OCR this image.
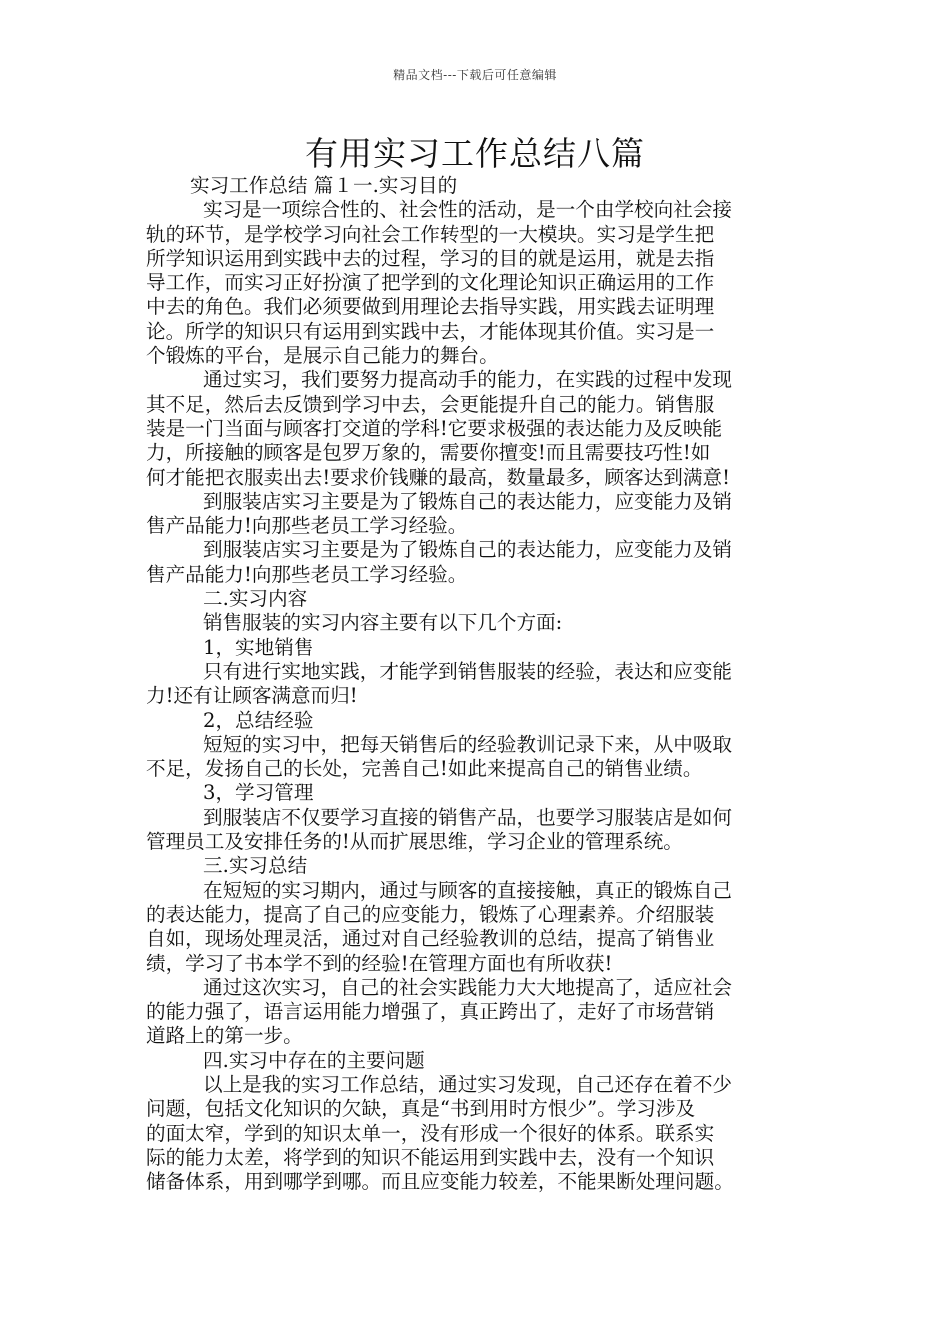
精品文档---下载后可任意编辑
有用实习工作总结八篇
实习工作总结 篇１一.实习目的
实习是一项综合性的、社会性的活动，是一个由学校向社会接
轨的环节，是学校学习向社会工作转型的一大模块。实习是学生把
所学知识运用到实践中去的过程，学习的目的就是运用，就是去指
导工作，而实习正好扮演了把学到的文化理论知识正确运用的工作
中去的角色。我们必须要做到用理论去指导实践，用实践去证明理
论。所学的知识只有运用到实践中去，才能体现其价值。实习是一
个锻炼的平台，是展示自己能力的舞台。
通过实习，我们要努力提高动手的能力，在实践的过程中发现
其不足，然后去反馈到学习中去，会更能提升自己的能力。销售服
装是一门当面与顾客打交道的学科!它要求极强的表达能力及反映能
力，所接触的顾客是包罗万象的，需要你擅变!而且需要技巧性!如
何才能把衣服卖出去!要求价钱赚的最高，数量最多，顾客达到满意!
到服装店实习主要是为了锻炼自己的表达能力，应变能力及销
售产品能力!向那些老员工学习经验。
到服装店实习主要是为了锻炼自己的表达能力，应变能力及销
售产品能力!向那些老员工学习经验。
二.实习内容
销售服装的实习内容主要有以下几个方面:
1，实地销售
只有进行实地实践，才能学到销售服装的经验，表达和应变能
力!还有让顾客满意而归!
2，总结经验
短短的实习中，把每天销售后的经验教训记录下来，从中吸取
不足，发扬自己的长处，完善自己!如此来提高自己的销售业绩。
3，学习管理
到服装店不仅要学习直接的销售产品，也要学习服装店是如何
管理员工及安排任务的!从而扩展思维，学习企业的管理系统。
三.实习总结
在短短的实习期内，通过与顾客的直接接触，真正的锻炼自己
的表达能力，提高了自己的应变能力，锻炼了心理素养。介绍服装
自如，现场处理灵活，通过对自己经验教训的总结，提高了销售业
绩，学习了书本学不到的经验!在管理方面也有所收获!
通过这次实习，自己的社会实践能力大大地提高了，适应社会
的能力强了，语言运用能力增强了，真正跨出了，走好了市场营销
道路上的第一步。
四.实习中存在的主要问题
以上是我的实习工作总结，通过实习发现，自己还存在着不少
问题，包括文化知识的欠缺，真是“书到用时方恨少”。学习涉及
的面太窄，学到的知识太单一，没有形成一个很好的体系。联系实
际的能力太差，将学到的知识不能运用到实践中去，没有一个知识
储备体系，用到哪学到哪。而且应变能力较差，不能果断处理问题。
